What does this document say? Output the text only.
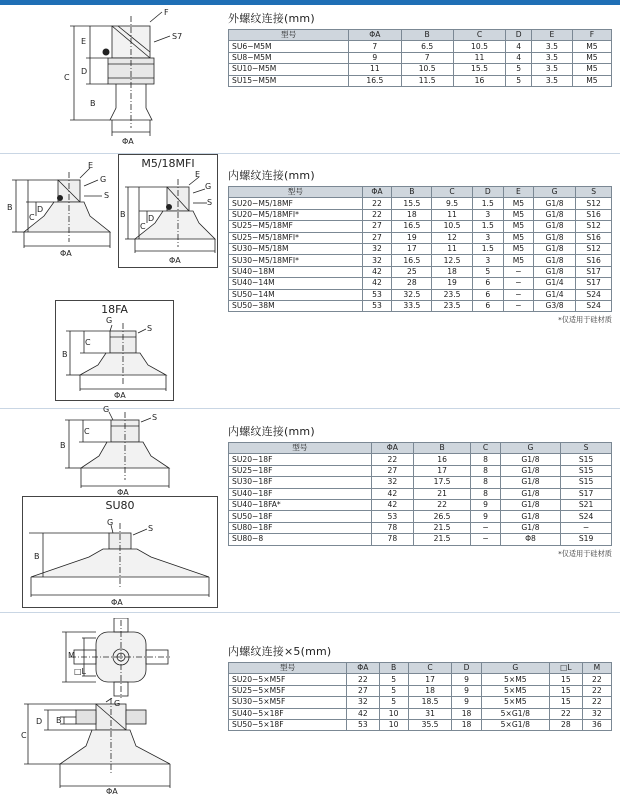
F
S7
E
D
C
B
ΦA
E
G
S
D
C
B
ΦA
M5/18MFI
E
G
S
D
C
B
ΦA
18FA
G
S
C
B
ΦA
G
S
C
B
ΦA
SU80
G
S
B
ΦA
M
□L
G
B
D
C
ΦA
外螺纹连接(mm)
型号	ΦA	B	C	D	E	F
SU6−M5M	7	6.5	10.5	4	3.5	M5
SU8−M5M	9	7	11	4	3.5	M5
SU10−M5M	11	10.5	15.5	5	3.5	M5
SU15−M5M	16.5	11.5	16	5	3.5	M5
内螺纹连接(mm)
型号	ΦA	B	C	D	E	G	S
SU20−M5/18MF	22	15.5	9.5	1.5	M5	G1/8	S12
SU20−M5/18MFI*	22	18	11	3	M5	G1/8	S16
SU25−M5/18MF	27	16.5	10.5	1.5	M5	G1/8	S12
SU25−M5/18MFI*	27	19	12	3	M5	G1/8	S16
SU30−M5/18M	32	17	11	1.5	M5	G1/8	S12
SU30−M5/18MFI*	32	16.5	12.5	3	M5	G1/8	S16
SU40−18M	42	25	18	5	−	G1/8	S17
SU40−14M	42	28	19	6	−	G1/4	S17
SU50−14M	53	32.5	23.5	6	−	G1/4	S24
SU50−38M	53	33.5	23.5	6	−	G3/8	S24
*仅适用于硅材质
内螺纹连接(mm)
型号	ΦA	B	C	G	S
SU20−18F	22	16	8	G1/8	S15
SU25−18F	27	17	8	G1/8	S15
SU30−18F	32	17.5	8	G1/8	S15
SU40−18F	42	21	8	G1/8	S17
SU40−18FA*	42	22	9	G1/8	S21
SU50−18F	53	26.5	9	G1/8	S24
SU80−18F	78	21.5	−	G1/8	−
SU80−8	78	21.5	−	Φ8	S19
*仅适用于硅材质
内螺纹连接×5(mm)
型号	ΦA	B	C	D	G	□L	M
SU20−5×M5F	22	5	17	9	5×M5	15	22
SU25−5×M5F	27	5	18	9	5×M5	15	22
SU30−5×M5F	32	5	18.5	9	5×M5	15	22
SU40−5×18F	42	10	31	18	5×G1/8	22	32
SU50−5×18F	53	10	35.5	18	5×G1/8	28	36
